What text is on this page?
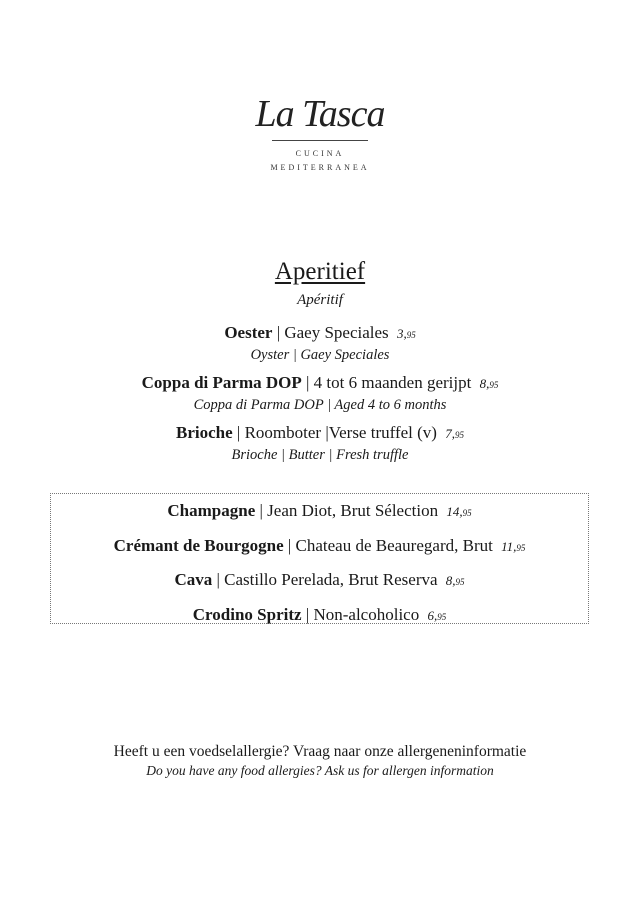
La Tasca
CUCINA
MEDITERRANEA
Aperitief
Apéritif
Oester | Gaey Speciales 3,95
Oyster | Gaey Speciales
Coppa di Parma DOP | 4 tot 6 maanden gerijpt 8,95
Coppa di Parma DOP | Aged 4 to 6 months
Brioche | Roomboter |Verse truffel (v) 7,95
Brioche | Butter | Fresh truffle
Champagne | Jean Diot, Brut Sélection 14,95
Crémant de Bourgogne | Chateau de Beauregard, Brut 11,95
Cava | Castillo Perelada, Brut Reserva 8,95
Crodino Spritz | Non-alcoholico 6,95
Heeft u een voedselallergie? Vraag naar onze allergeneninformatie
Do you have any food allergies? Ask us for allergen information
